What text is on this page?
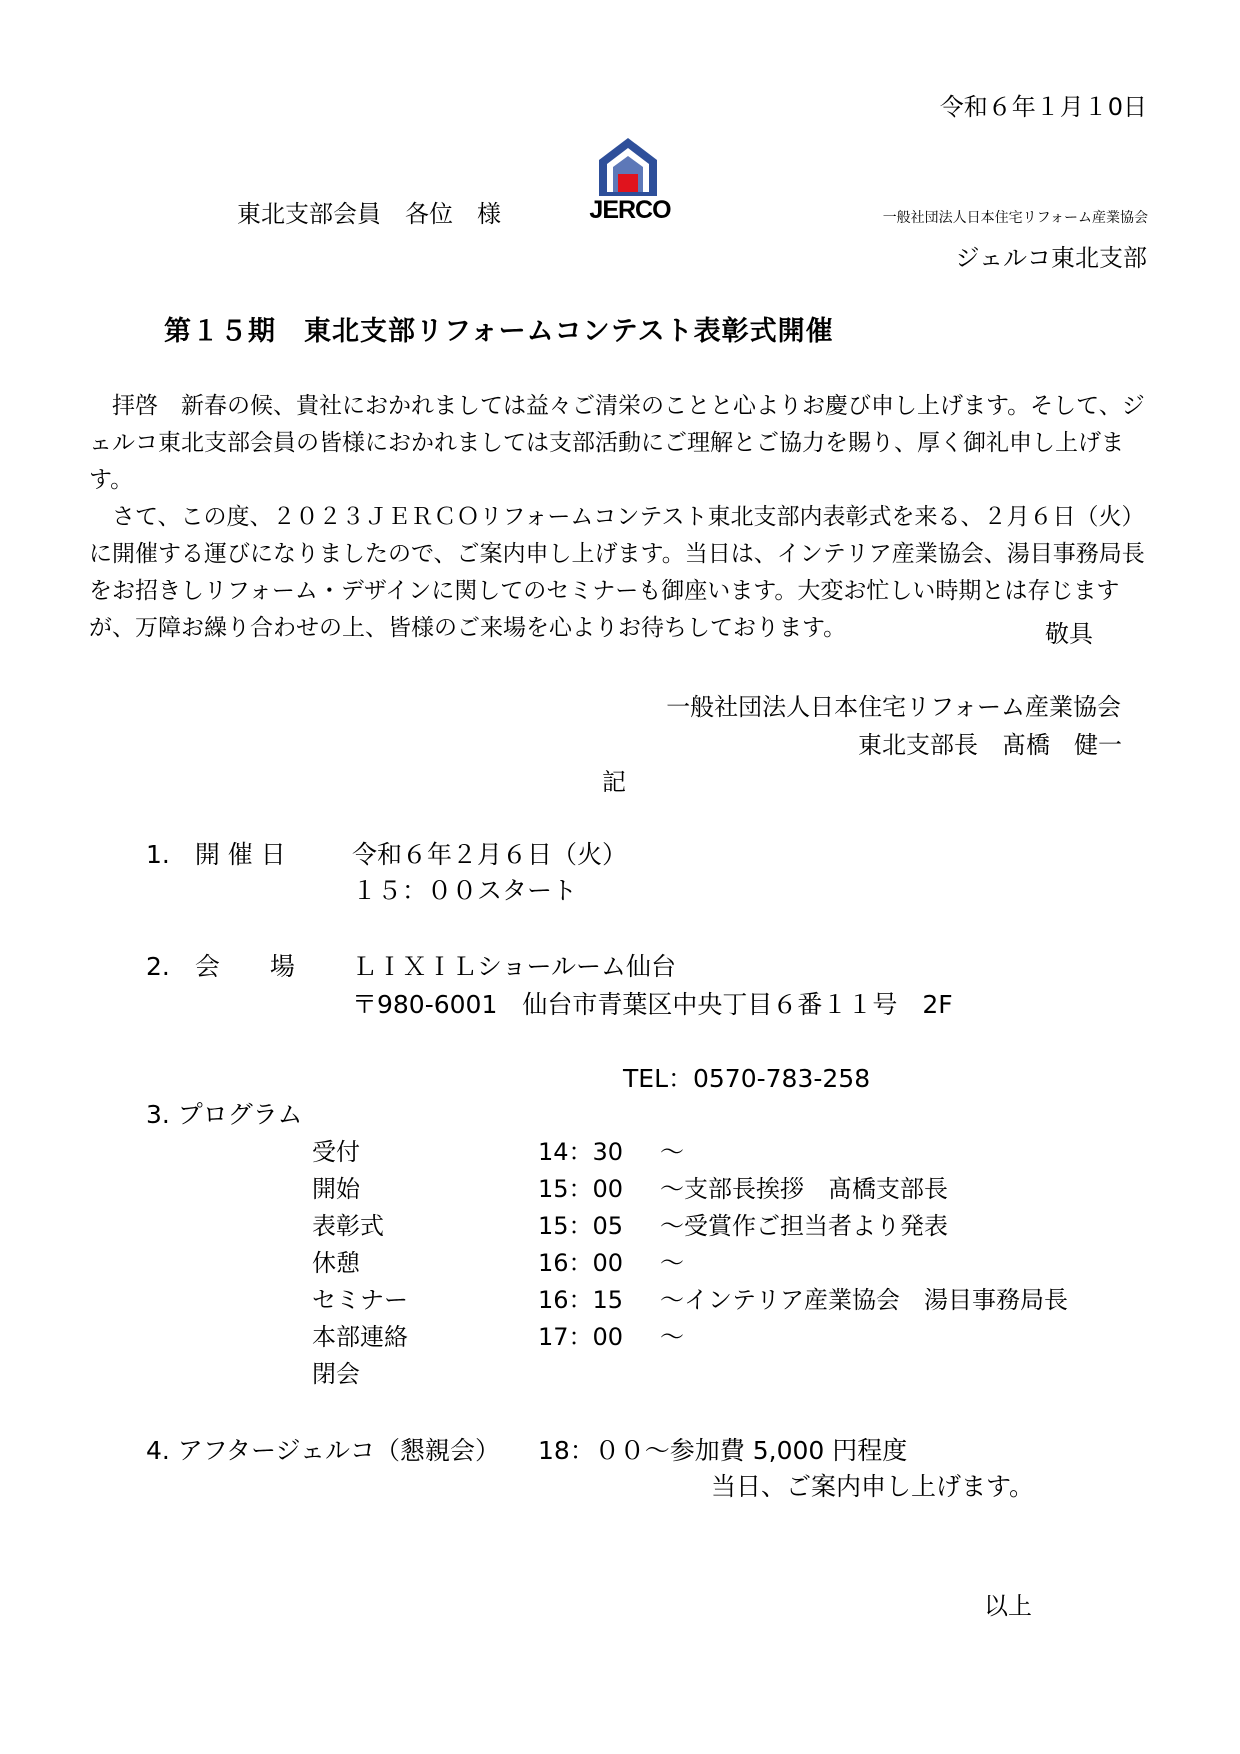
令和６年１月１0日
東北支部会員　各位　様	JERCO	一般社団法人日本住宅リフォーム産業協会
ジェルコ東北支部
第１５期　東北支部リフォームコンテスト表彰式開催

　拝啓　新春の候、貴社におかれましては益々ご清栄のことと心よりお慶び申し上げます。そして、ジェルコ東北支部会員の皆様におかれましては支部活動にご理解とご協力を賜り、厚く御礼申し上げます。

　さて、この度、２０２３ＪＥＲＣＯリフォームコンテスト東北支部内表彰式を来る、２月６日（火）に開催する運びになりましたので、ご案内申し上げます。当日は、インテリア産業協会、湯目事務局長をお招きしリフォーム・デザインに関してのセミナーも御座います。大変お忙しい時期とは存じますが、万障お繰り合わせの上、皆様のご来場を心よりお待ちしております。	敬具
一般社団法人日本住宅リフォーム産業協会
東北支部長　髙橋　健一
記
1.　開 催 日	令和６年２月６日（火）
１５：００スタート
2.　会　　場 ＬＩＸＩＬショールーム仙台
〒980-6001　仙台市青葉区中央丁目６番１１号　2F
TEL：0570-783-258
3. プログラム
受付	14：30 ～
開始	15：00 ～支部長挨拶　髙橋支部長
表彰式	15：05 ～受賞作ご担当者より発表
休憩	16：00 ～
セミナー	16：15 ～インテリア産業協会　湯目事務局長
本部連絡	17：00 ～
閉会
4. アフタージェルコ（懇親会） 18：００～参加費 5,000 円程度
当日、ご案内申し上げます。
以上
